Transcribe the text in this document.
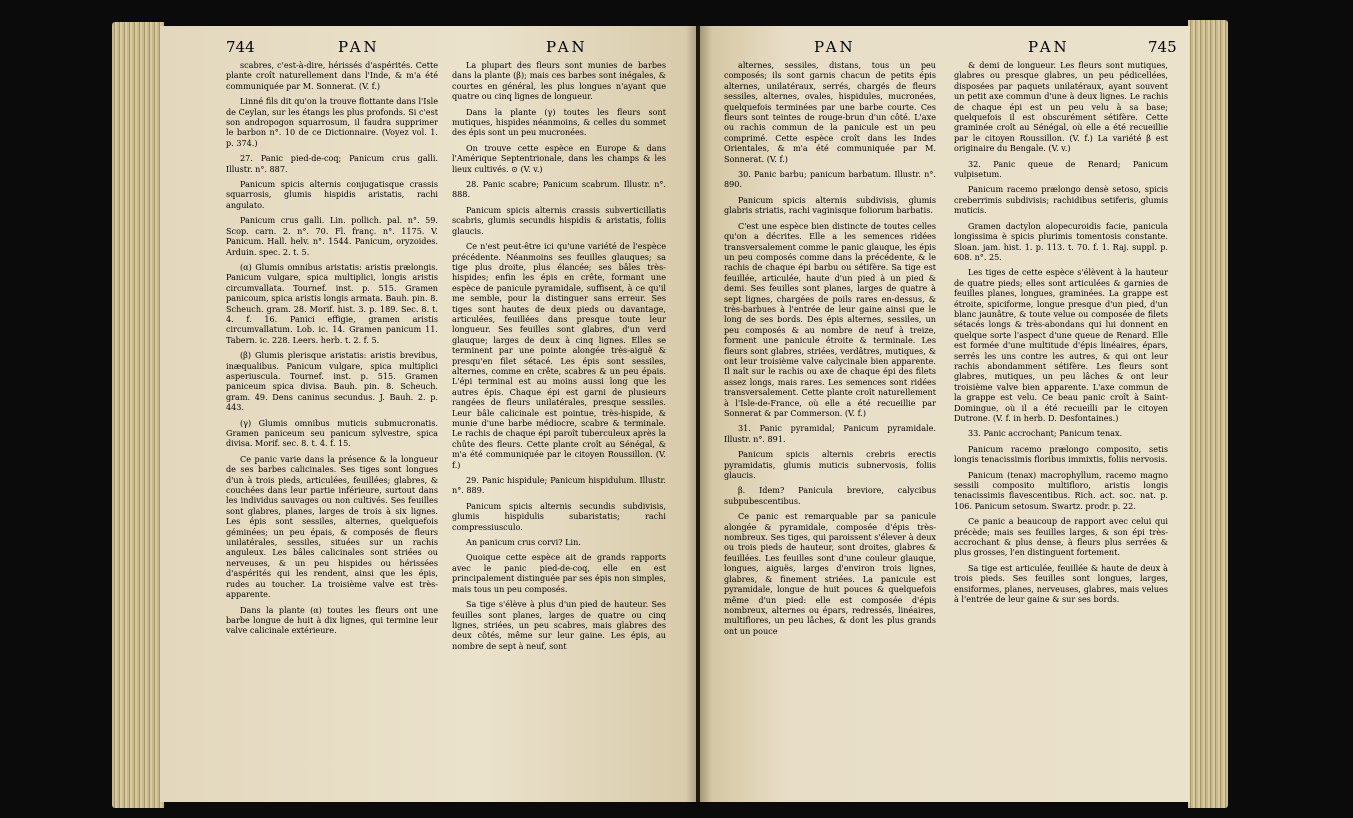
744	PAN	PAN	PAN	PAN	745

scabres, c'est-à-dire, hérissés d'aspérités. Cette plante croît naturellement dans l'Inde, & m'a été communiquée par M. Sonnerat. (V. f.)

Linné fils dit qu'on la trouve flottante dans l'Isle de Ceylan, sur les étangs les plus profonds. Si c'est son andropogon squarrosum, il faudra supprimer le barbon n°. 10 de ce Dictionnaire. (Voyez vol. 1. p. 374.)

27. Panic pied-de-coq; Panicum crus galli. Illustr. n°. 887.

Panicum spicis alternis conjugatisque crassis squarrosis, glumis hispidis aristatis, rachi angulato.

Panicum crus galli. Lin. pollich. pal. n°. 59. Scop. carn. 2. n°. 70. Fl. franç. n°. 1175. V. Panicum. Hall. helv. n°. 1544. Panicum, oryzoides. Arduin. spec. 2. t. 5.

(α) Glumis omnibus aristatis: aristis prælongis. Panicum vulgare, spica multiplici, longis aristis circumvallata. Tournef. inst. p. 515. Gramen panicoum, spica aristis longis armata. Bauh. pin. 8. Scheuch. gram. 28. Morif. hist. 3. p. 189. Sec. 8. t. 4. f. 16. Panici effigie, gramen aristis circumvallatum. Lob. ic. 14. Gramen panicum 11. Tabern. ic. 228. Leers. herb. t. 2. f. 5.

(β) Glumis plerisque aristatis: aristis brevibus, inæqualibus. Panicum vulgare, spica multiplici asperiuscula. Tournef. inst. p. 515. Gramen paniceum spica divisa. Bauh. pin. 8. Scheuch. gram. 49. Dens caninus secundus. J. Bauh. 2. p. 443.

(γ) Glumis omnibus muticis submucronatis. Gramen paniceum seu panicum sylvestre, spica divisa. Morif. sec. 8. t. 4. f. 15.

Ce panic varie dans la présence & la longueur de ses barbes calicinales. Ses tiges sont longues d'un à trois pieds, articulées, feuillées; glabres, & couchées dans leur partie inférieure, surtout dans les individus sauvages ou non cultivés. Ses feuilles sont glabres, planes, larges de trois à six lignes. Les épis sont sessiles, alternes, quelquefois géminées; un peu épais, & composés de fleurs unilatérales, sessiles, situées sur un rachis anguleux. Les bâles calicinales sont striées ou nerveuses, & un peu hispides ou hérissées d'aspérités qui les rendent, ainsi que les épis, rudes au toucher. La troisième valve est très-apparente.

Dans la plante (α) toutes les fleurs ont une barbe longue de huit à dix lignes, qui termine leur valve calicinale extérieure.

La plupart des fleurs sont munies de barbes dans la plante (β); mais ces barbes sont inégales, & courtes en général, les plus longues n'ayant que quatre ou cinq lignes de longueur.

Dans la plante (γ) toutes les fleurs sont mutiques, hispides néanmoins, & celles du sommet des épis sont un peu mucronées.

On trouve cette espèce en Europe & dans l'Amérique Septentrionale, dans les champs & les lieux cultivés. ⊙ (V. v.)

28. Panic scabre; Panicum scabrum. Illustr. n°. 888.

Panicum spicis alternis crassis subverticillatis scabris, glumis secundis hispidis & aristatis, foliis glaucis.

Ce n'est peut-être ici qu'une variété de l'espèce précédente. Néanmoins ses feuilles glauques; sa tige plus droite, plus élancée; ses bâles très-hispides; enfin les épis en crête, formant une espèce de panicule pyramidale, suffisent, à ce qu'il me semble, pour la distinguer sans erreur. Ses tiges sont hautes de deux pieds ou davantage, articulées, feuillées dans presque toute leur longueur. Ses feuilles sont glabres, d'un verd glauque; larges de deux à cinq lignes. Elles se terminent par une pointe alongée très-aiguë & presqu'en filet sétacé. Les épis sont sessiles, alternes, comme en crête, scabres & un peu épais. L'épi terminal est au moins aussi long que les autres épis. Chaque épi est garni de plusieurs rangées de fleurs unilatérales, presque sessiles. Leur bâle calicinale est pointue, très-hispide, & munie d'une barbe médiocre, scabre & terminale. Le rachis de chaque épi paroît tuberculeux après la chûte des fleurs. Cette plante croît au Sénégal, & m'a été communiquée par le citoyen Roussillon. (V. f.)

29. Panic hispidule; Panicum hispidulum. Illustr. n°. 889.

Panicum spicis alternis secundis subdivisis, glumis hispidulis subaristatis; rachi compressiusculo.

An panicum crus corvi? Lin.

Quoique cette espèce ait de grands rapports avec le panic pied-de-coq, elle en est principalement distinguée par ses épis non simples, mais tous un peu composés.

Sa tige s'élève à plus d'un pied de hauteur. Ses feuilles sont planes, larges de quatre ou cinq lignes, striées, un peu scabres, mais glabres des deux côtés, même sur leur gaine. Les épis, au nombre de sept à neuf, sont

alternes, sessiles, distans, tous un peu composés; ils sont garnis chacun de petits épis alternes, unilatéraux, serrés, chargés de fleurs sessiles, alternes, ovales, hispidules, mucronées, quelquefois terminées par une barbe courte. Ces fleurs sont teintes de rouge-brun d'un côté. L'axe ou rachis commun de la panicule est un peu comprimé. Cette espèce croît dans les Indes Orientales, & m'a été communiquée par M. Sonnerat. (V. f.)

30. Panic barbu; panicum barbatum. Illustr. n°. 890.

Panicum spicis alternis subdivisis, glumis glabris striatis, rachi vaginisque foliorum barbatis.

C'est une espèce bien distincte de toutes celles qu'on a décrites. Elle a les semences ridées transversalement comme le panic glauque, les épis un peu composés comme dans la précédente, & le rachis de chaque épi barbu ou sétifère. Sa tige est feuillée, articulée, haute d'un pied à un pied & demi. Ses feuilles sont planes, larges de quatre à sept lignes, chargées de poils rares en-dessus, & très-barbues à l'entrée de leur gaine ainsi que le long de ses bords. Des épis alternes, sessiles, un peu composés & au nombre de neuf à treize, forment une panicule étroite & terminale. Les fleurs sont glabres, striées, verdâtres, mutiques, & ont leur troisième valve calycinale bien apparente. Il naît sur le rachis ou axe de chaque épi des filets assez longs, mais rares. Les semences sont ridées transversalement. Cette plante croît naturellement à l'Isle-de-France, où elle a été recueillie par Sonnerat & par Commerson. (V. f.)

31. Panic pyramidal; Panicum pyramidale. Illustr. n°. 891.

Panicum spicis alternis crebris erectis pyramidatis, glumis muticis subnervosis, foliis glaucis.

β. Idem? Panicula breviore, calycibus subpubescentibus.

Ce panic est remarquable par sa panicule alongée & pyramidale, composée d'épis très-nombreux. Ses tiges, qui paroissent s'élever à deux ou trois pieds de hauteur, sont droites, glabres & feuillées. Les feuilles sont d'une couleur glauque, longues, aiguës, larges d'environ trois lignes, glabres, & finement striées. La panicule est pyramidale, longue de huit pouces & quelquefois même d'un pied: elle est composée d'épis nombreux, alternes ou épars, redressés, linéaires, multiflores, un peu lâches, & dont les plus grands ont un pouce

& demi de longueur. Les fleurs sont mutiques, glabres ou presque glabres, un peu pédicellées, disposées par paquets unilatéraux, ayant souvent un petit axe commun d'une à deux lignes. Le rachis de chaque épi est un peu velu à sa base; quelquefois il est obscurément sétifère. Cette graminée croît au Sénégal, où elle a été recueillie par le citoyen Roussillon. (V. f.) La variété β est originaire du Bengale. (V. v.)

32. Panic queue de Renard; Panicum vulpisetum.

Panicum racemo prælongo densè setoso, spicis creberrimis subdivisis; rachidibus setiferis, glumis muticis.

Gramen dactylon alopecuroidis facie, panicula longissima è spicis plurimis tomentosis constante. Sloan. jam. hist. 1. p. 113. t. 70. f. 1. Raj. suppl. p. 608. n°. 25.

Les tiges de cette espèce s'élèvent à la hauteur de quatre pieds; elles sont articulées & garnies de feuilles planes, longues, graminées. La grappe est étroite, spiciforme, longue presque d'un pied, d'un blanc jaunâtre, & toute velue ou composée de filets sétacés longs & très-abondans qui lui donnent en quelque sorte l'aspect d'une queue de Renard. Elle est formée d'une multitude d'épis linéaires, épars, serrés les uns contre les autres, & qui ont leur rachis abondamment sétifère. Les fleurs sont glabres, mutiques, un peu lâches & ont leur troisième valve bien apparente. L'axe commun de la grappe est velu. Ce beau panic croît à Saint-Domingue, où il a été recueilli par le citoyen Dutrone. (V. f. in herb. D. Desfontaines.)

33. Panic accrochant; Panicum tenax.

Panicum racemo prælongo composito, setis longis tenacissimis floribus immixtis, foliis nervosis.

Panicum (tenax) macrophyllum, racemo magno sessili composito multifloro, aristis longis tenacissimis flavescentibus. Rich. act. soc. nat. p. 106. Panicum setosum. Swartz. prodr. p. 22.

Ce panic a beaucoup de rapport avec celui qui précède; mais ses feuilles larges, & son épi très-accrochant & plus dense, à fleurs plus serrées & plus grosses, l'en distinguent fortement.

Sa tige est articulée, feuillée & haute de deux à trois pieds. Ses feuilles sont longues, larges, ensiformes, planes, nerveuses, glabres, mais velues à l'entrée de leur gaine & sur ses bords.
